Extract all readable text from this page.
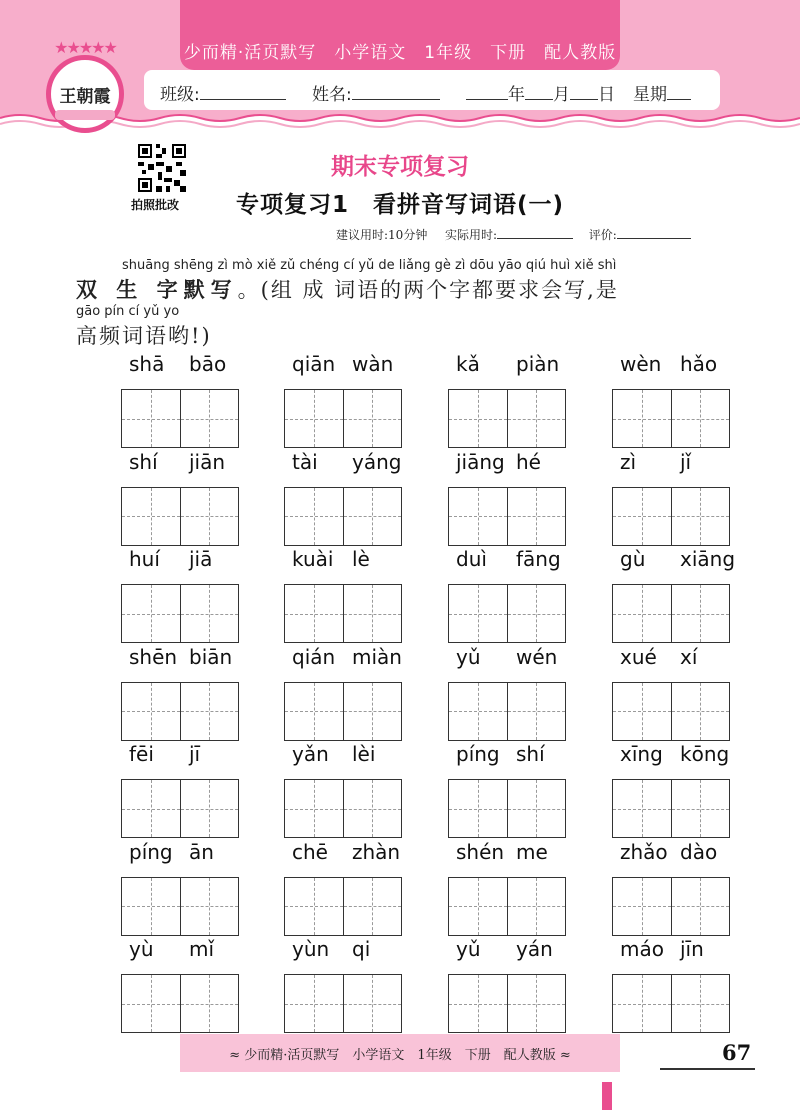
少而精·活页默写　小学语文　1年级　下册　配人教版
班级:	姓名:	年 月 日 星期
★★★★★
王朝霞
拍照批改
期末专项复习
专项复习1　看拼音写词语(一)
建议用时:10分钟 实际用时:	评价:
shuāng shēng zì mò xiě zǔ chéng cí yǔ de liǎng gè zì dōu yāo qiú huì xiě shì
双 生 字默写。(组 成 词语的两个字都要求会写,是
gāo pín cí yǔ yo
高频词语哟!)
shā bāo	qiān wàn	kǎ piàn	wèn hǎo
shí jiān	tài yáng	jiāng hé	zì jǐ
huí jiā	kuài lè	duì fāng	gù xiāng
shēn biān	qián miàn	yǔ wén	xué xí
fēi jī	yǎn lèi	píng shí	xīng kōng
píng ān	chē zhàn	shén me	zhǎo dào
yù mǐ	yùn qi	yǔ yán	máo jīn
≈ 少而精·活页默写　小学语文　1年级　下册　配人教版 ≈	67
